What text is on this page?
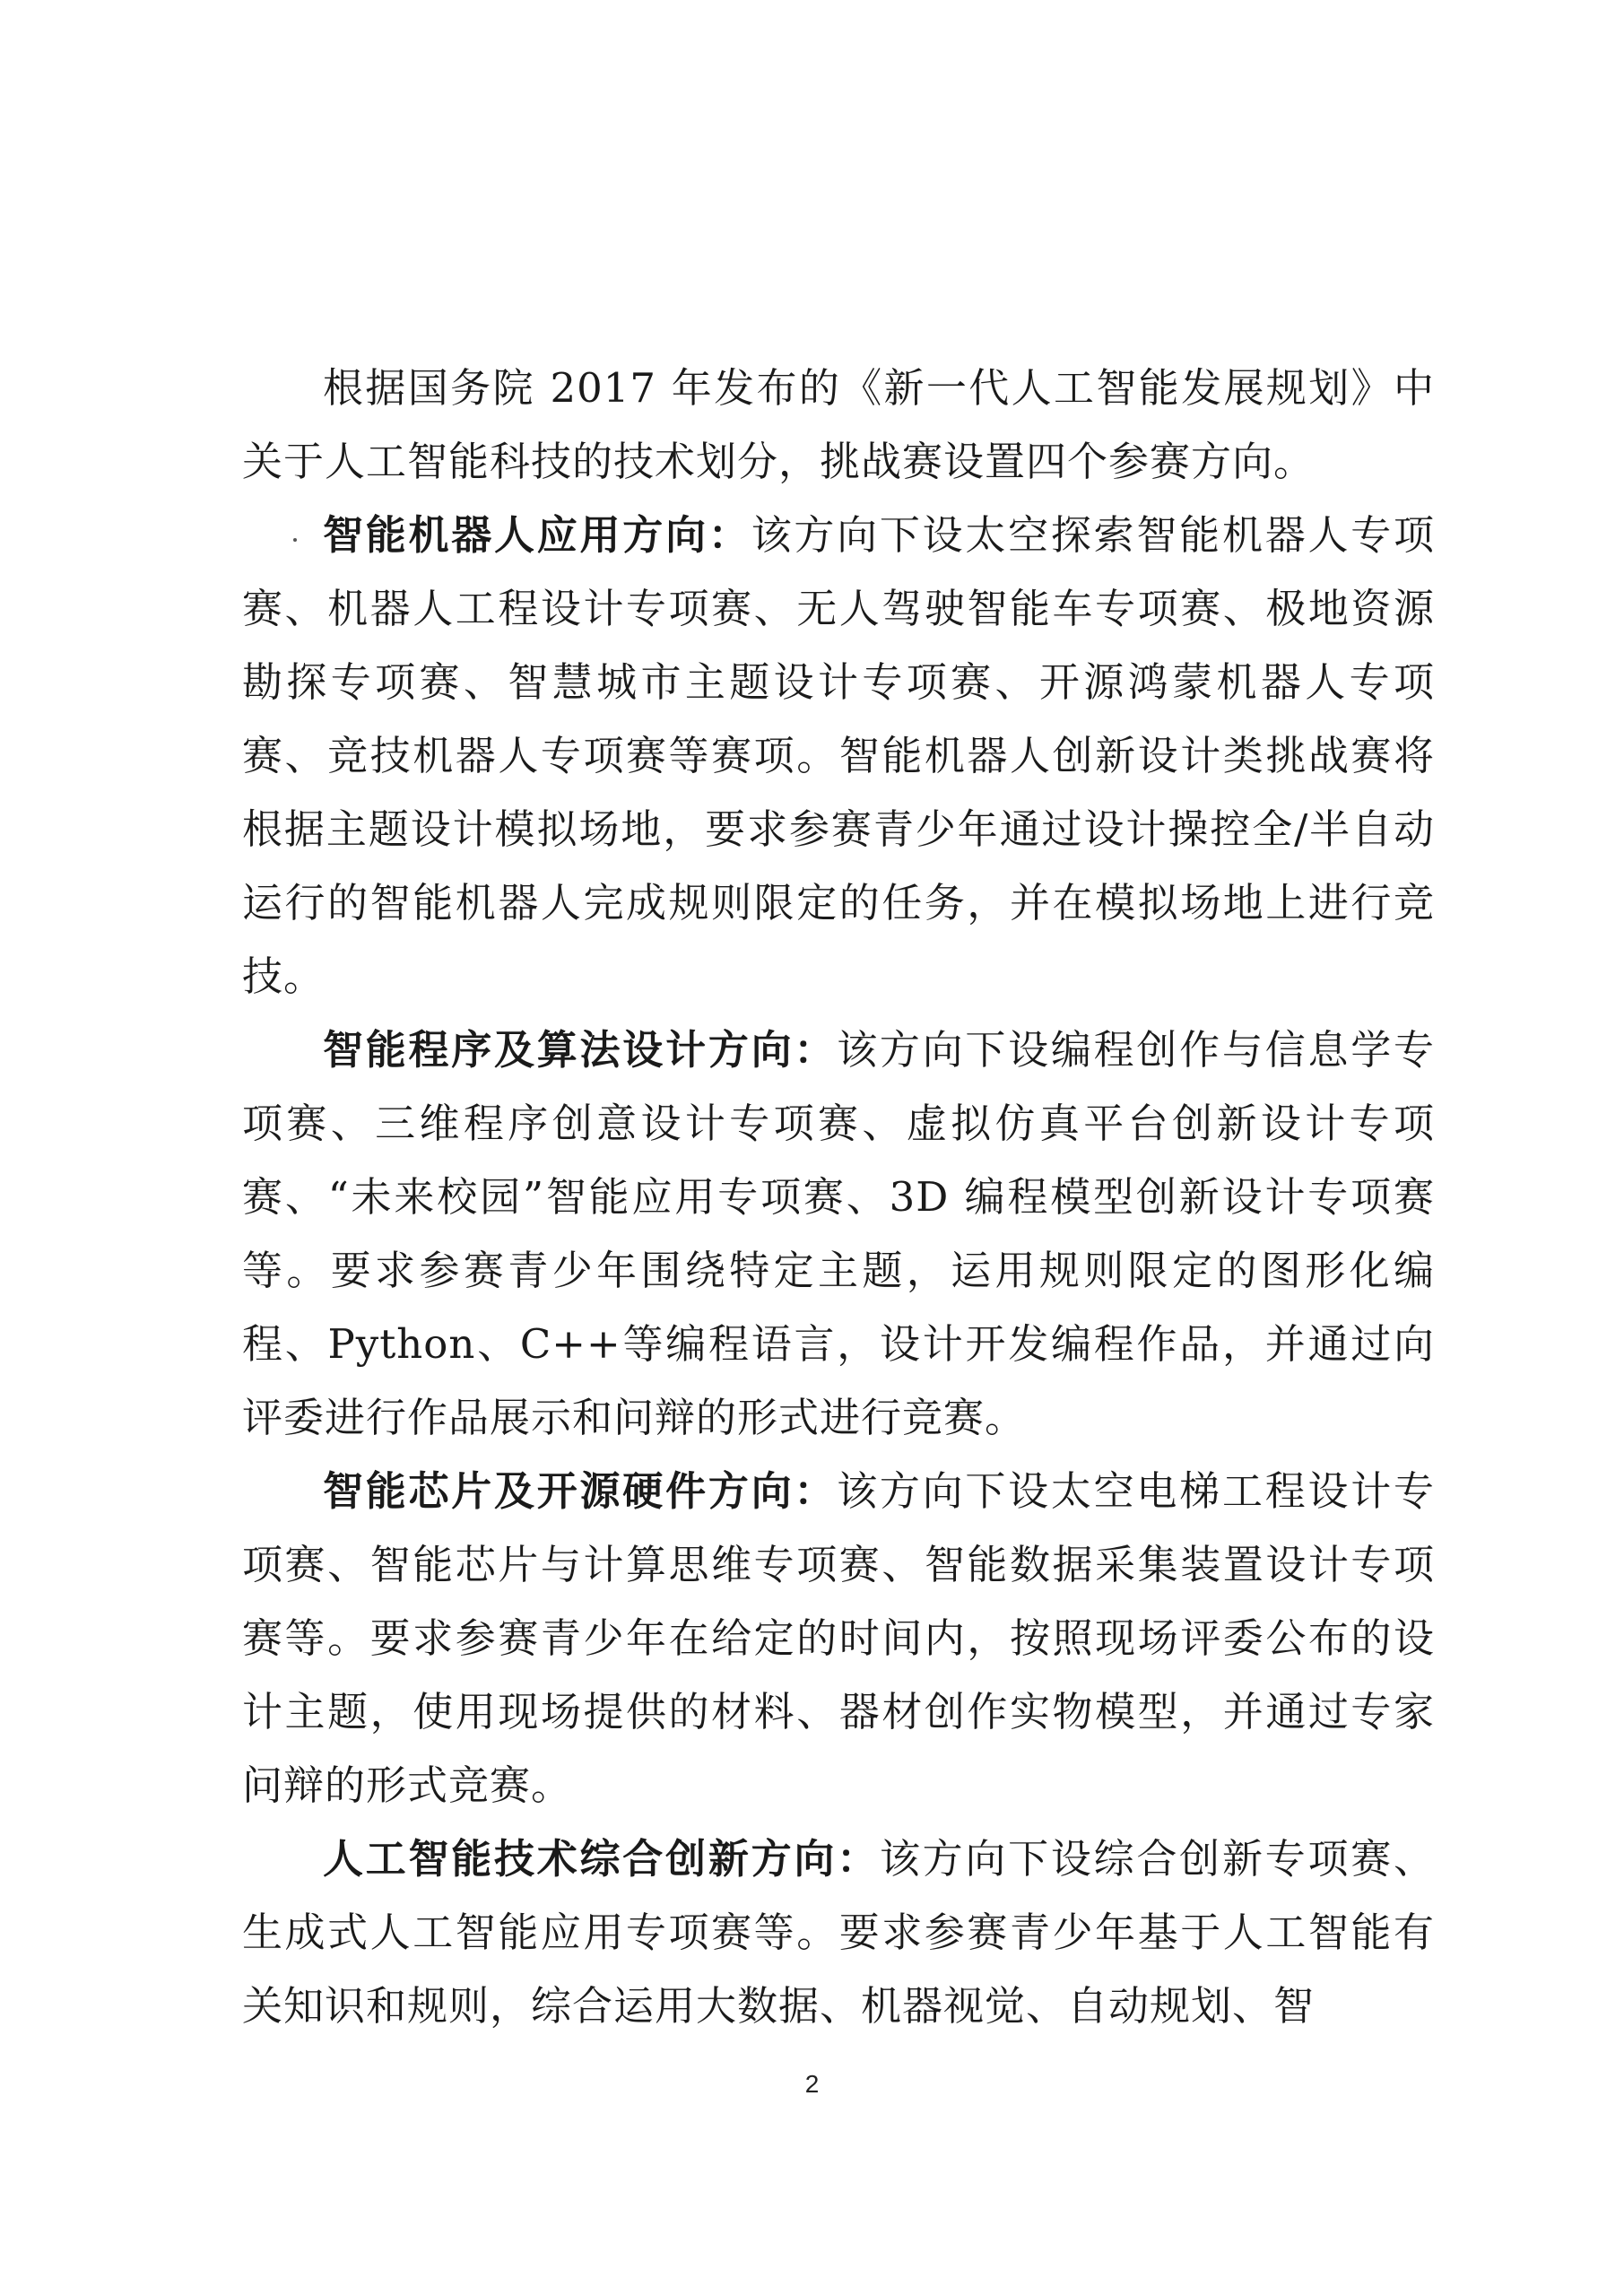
根据国务院 2017 年发布的《新一代人工智能发展规划》中关于人工智能科技的技术划分，挑战赛设置四个参赛方向。

智能机器人应用方向：该方向下设太空探索智能机器人专项赛、机器人工程设计专项赛、无人驾驶智能车专项赛、极地资源勘探专项赛、智慧城市主题设计专项赛、开源鸿蒙机器人专项赛、竞技机器人专项赛等赛项。智能机器人创新设计类挑战赛将根据主题设计模拟场地，要求参赛青少年通过设计操控全/半自动运行的智能机器人完成规则限定的任务，并在模拟场地上进行竞技。

智能程序及算法设计方向：该方向下设编程创作与信息学专项赛、三维程序创意设计专项赛、虚拟仿真平台创新设计专项赛、“未来校园”智能应用专项赛、3D 编程模型创新设计专项赛等。要求参赛青少年围绕特定主题，运用规则限定的图形化编程、Python、C++等编程语言，设计开发编程作品，并通过向评委进行作品展示和问辩的形式进行竞赛。

智能芯片及开源硬件方向：该方向下设太空电梯工程设计专项赛、智能芯片与计算思维专项赛、智能数据采集装置设计专项赛等。要求参赛青少年在给定的时间内，按照现场评委公布的设计主题，使用现场提供的材料、器材创作实物模型，并通过专家问辩的形式竞赛。

人工智能技术综合创新方向：该方向下设综合创新专项赛、生成式人工智能应用专项赛等。要求参赛青少年基于人工智能有关知识和规则，综合运用大数据、机器视觉、自动规划、智

2
